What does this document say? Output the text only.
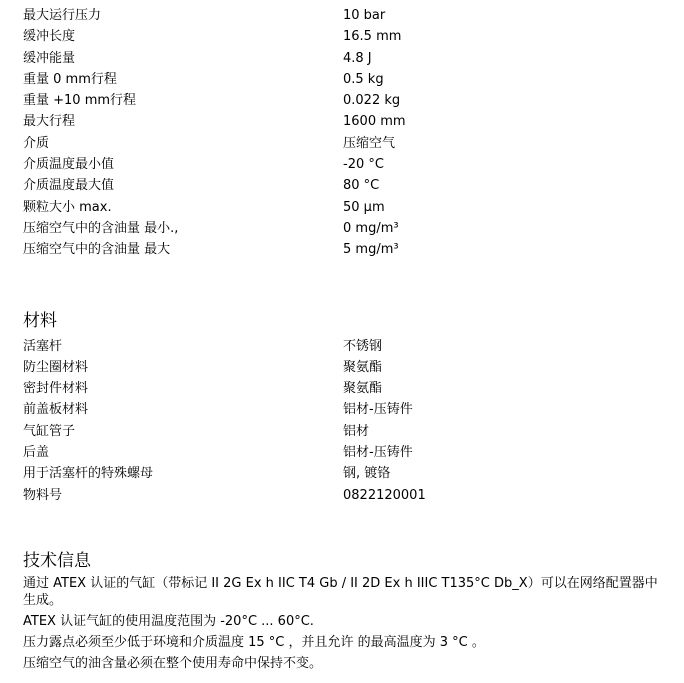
最大运行压力	10 bar
缓冲长度	16.5 mm
缓冲能量	4.8 J
重量 0 mm行程	0.5 kg
重量 +10 mm行程	0.022 kg
最大行程	1600 mm
介质	压缩空气
介质温度最小值	-20 °C
介质温度最大值	80 °C
颗粒大小 max.	50 µm
压缩空气中的含油量 最小.,	0 mg/m³
压缩空气中的含油量 最大	5 mg/m³
材料
活塞杆	不锈钢
防尘圈材料	聚氨酯
密封件材料	聚氨酯
前盖板材料	铝材-压铸件
气缸管子	铝材
后盖	铝材-压铸件
用于活塞杆的特殊螺母	钢, 镀铬
物料号	0822120001
技术信息

通过 ATEX 认证的气缸（带标记 II 2G Ex h IIC T4 Gb / II 2D Ex h IIIC T135°C Db_X）可以在网络配置器中生成。

ATEX 认证气缸的使用温度范围为 -20°C ... 60°C.

压力露点必须至少低于环境和介质温度 15 °C ，并且允许 的最高温度为 3 °C 。

压缩空气的油含量必须在整个使用寿命中保持不变。
